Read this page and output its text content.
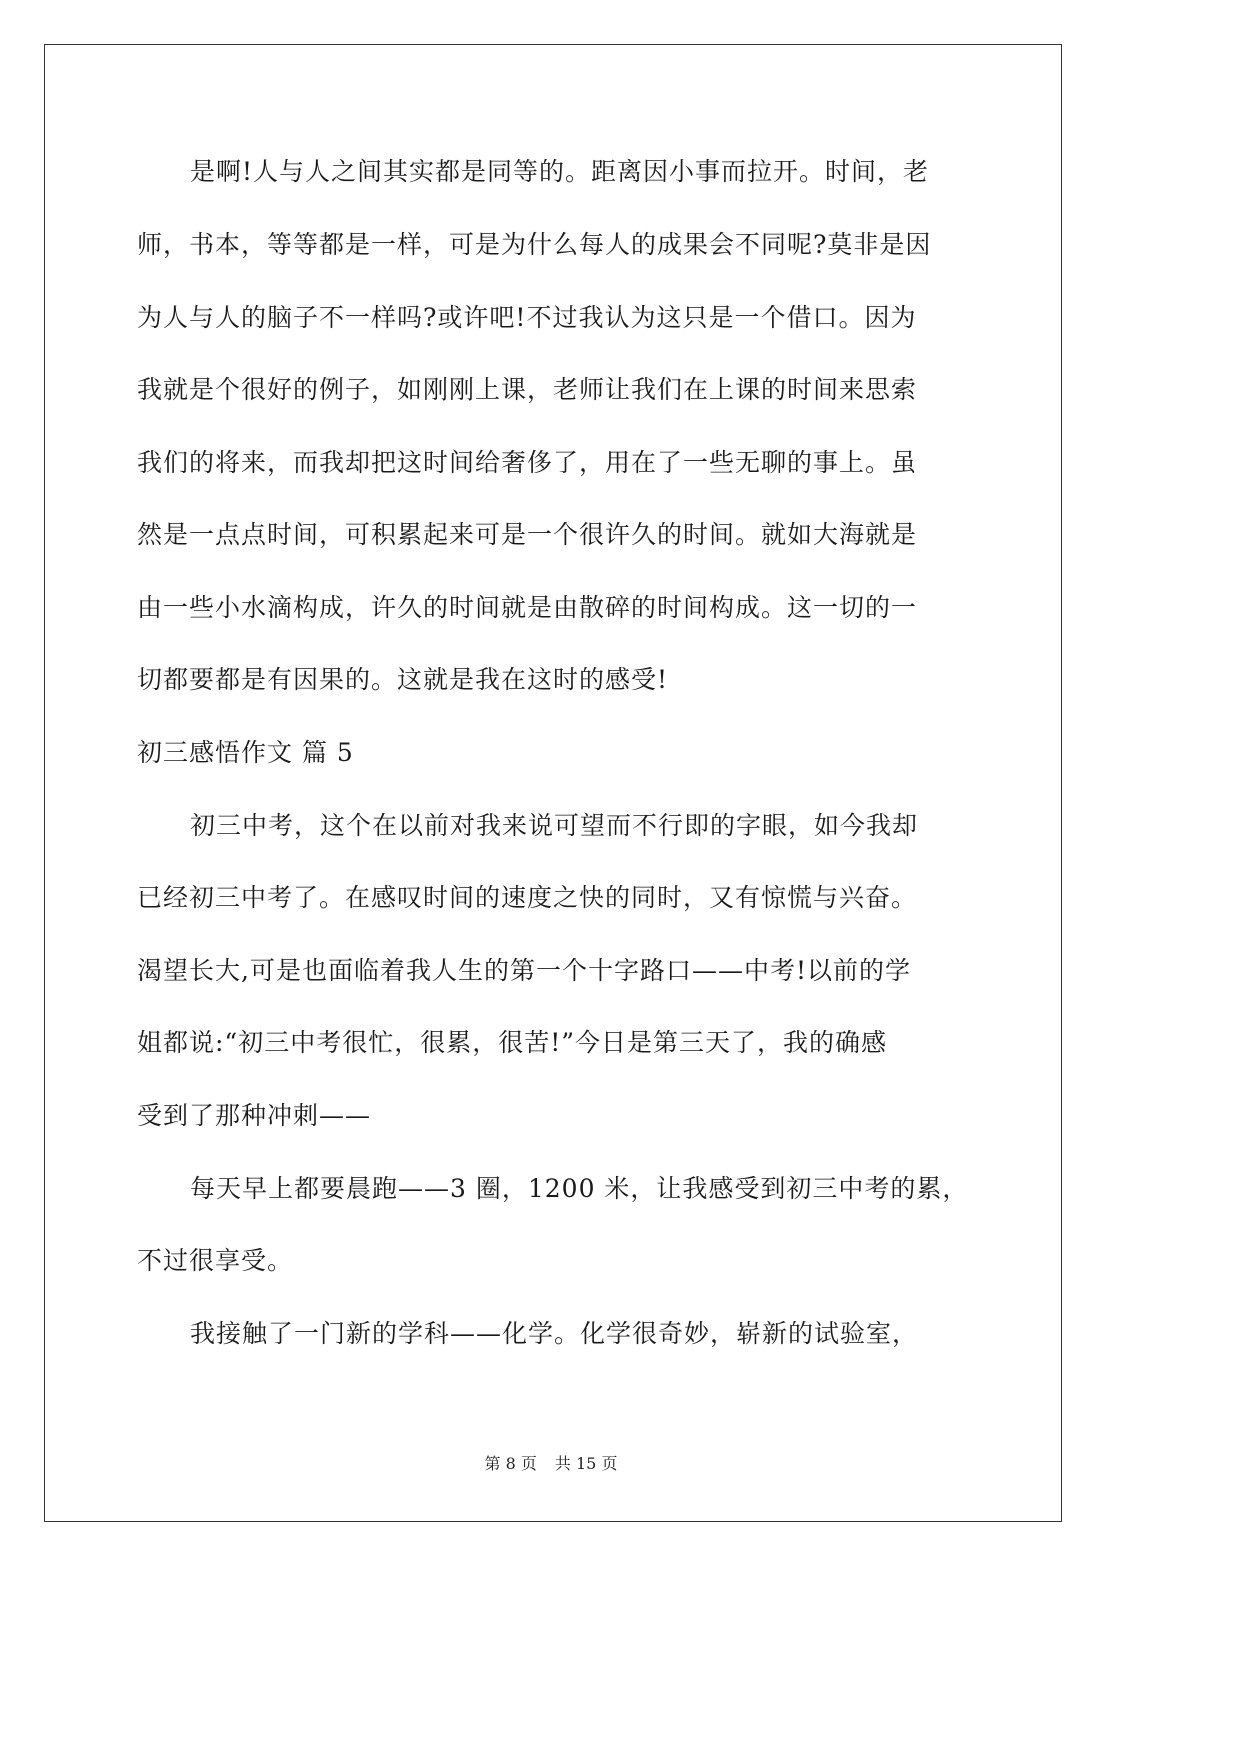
是啊!人与人之间其实都是同等的。距离因小事而拉开。时间，老
师，书本，等等都是一样，可是为什么每人的成果会不同呢?莫非是因
为人与人的脑子不一样吗?或许吧!不过我认为这只是一个借口。因为
我就是个很好的例子，如刚刚上课，老师让我们在上课的时间来思索
我们的将来，而我却把这时间给奢侈了，用在了一些无聊的事上。虽
然是一点点时间，可积累起来可是一个很许久的时间。就如大海就是
由一些小水滴构成，许久的时间就是由散碎的时间构成。这一切的一
切都要都是有因果的。这就是我在这时的感受!
初三感悟作文 篇 5
初三中考，这个在以前对我来说可望而不行即的字眼，如今我却
已经初三中考了。在感叹时间的速度之快的同时，又有惊慌与兴奋。
渴望长大,可是也面临着我人生的第一个十字路口——中考!以前的学
姐都说:“初三中考很忙，很累，很苦!”今日是第三天了，我的确感
受到了那种冲刺——
每天早上都要晨跑——3 圈，1200 米，让我感受到初三中考的累，
不过很享受。
我接触了一门新的学科——化学。化学很奇妙，崭新的试验室，
第 8 页 共 15 页
